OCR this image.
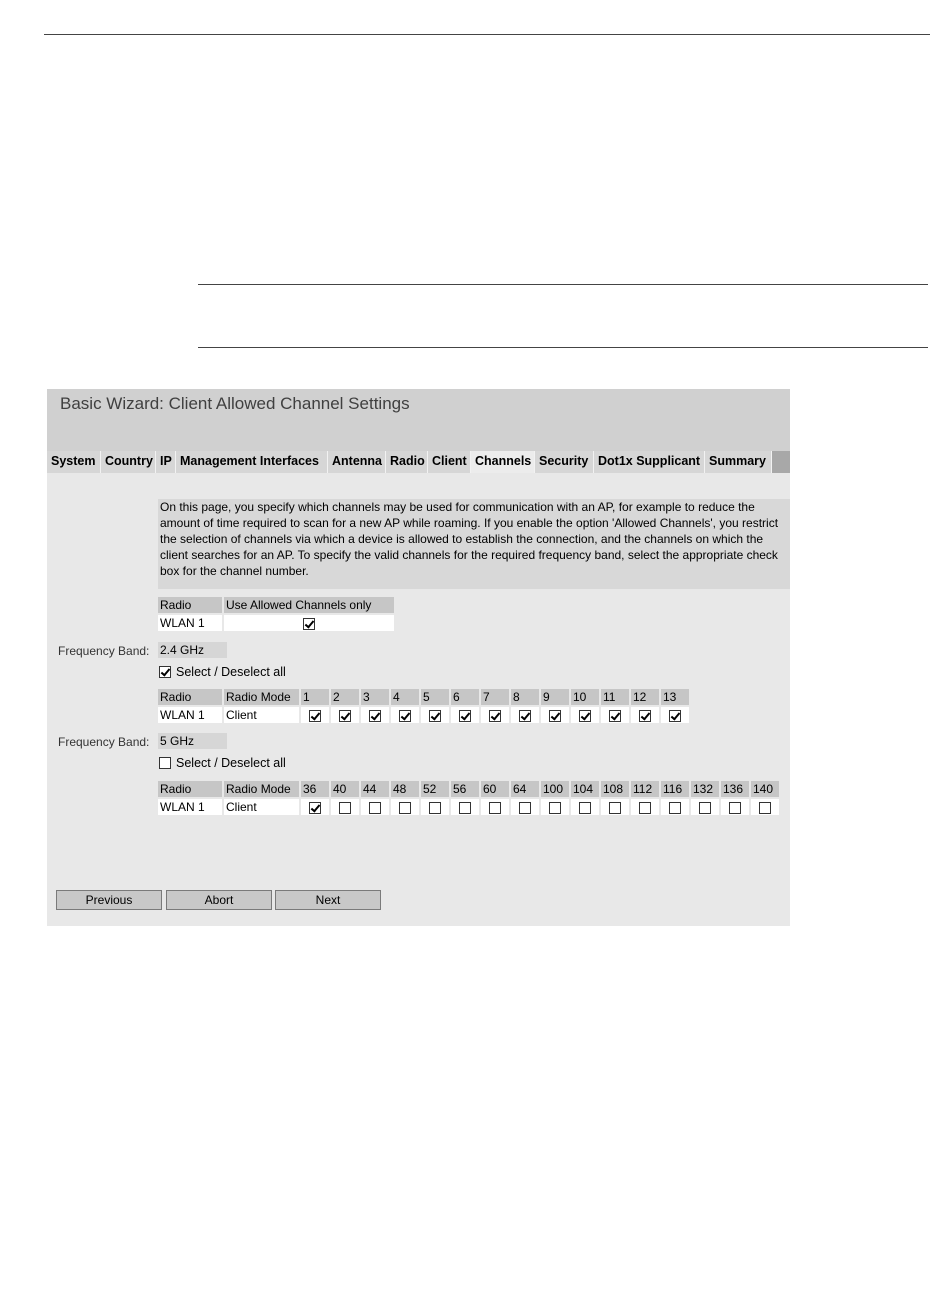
Basic Wizard: Client Allowed Channel Settings
System Country IP Management Interfaces	Antenna Radio Client Channels Security Dot1x Supplicant Summary
On this page, you specify which channels may be used for communication with an AP, for example to reduce the amount of time required to scan for a new AP while roaming. If you enable the option 'Allowed Channels', you restrict the selection of channels via which a device is allowed to establish the connection, and the channels on which the client searches for an AP. To specify the valid channels for the required frequency band, select the appropriate check box for the channel number.
Radio	Use Allowed Channels only
WLAN 1	
Frequency Band: 2.4 GHz
Select / Deselect all
Radio	Radio Mode	1	2	3	4	5	6	7	8	9	10	11	12	13
WLAN 1	Client													
Frequency Band: 5 GHz
Select / Deselect all
Radio	Radio Mode	36	40	44	48	52	56	60	64	100	104	108	112	116	132	136	140
WLAN 1	Client																
Previous	Abort	Next
